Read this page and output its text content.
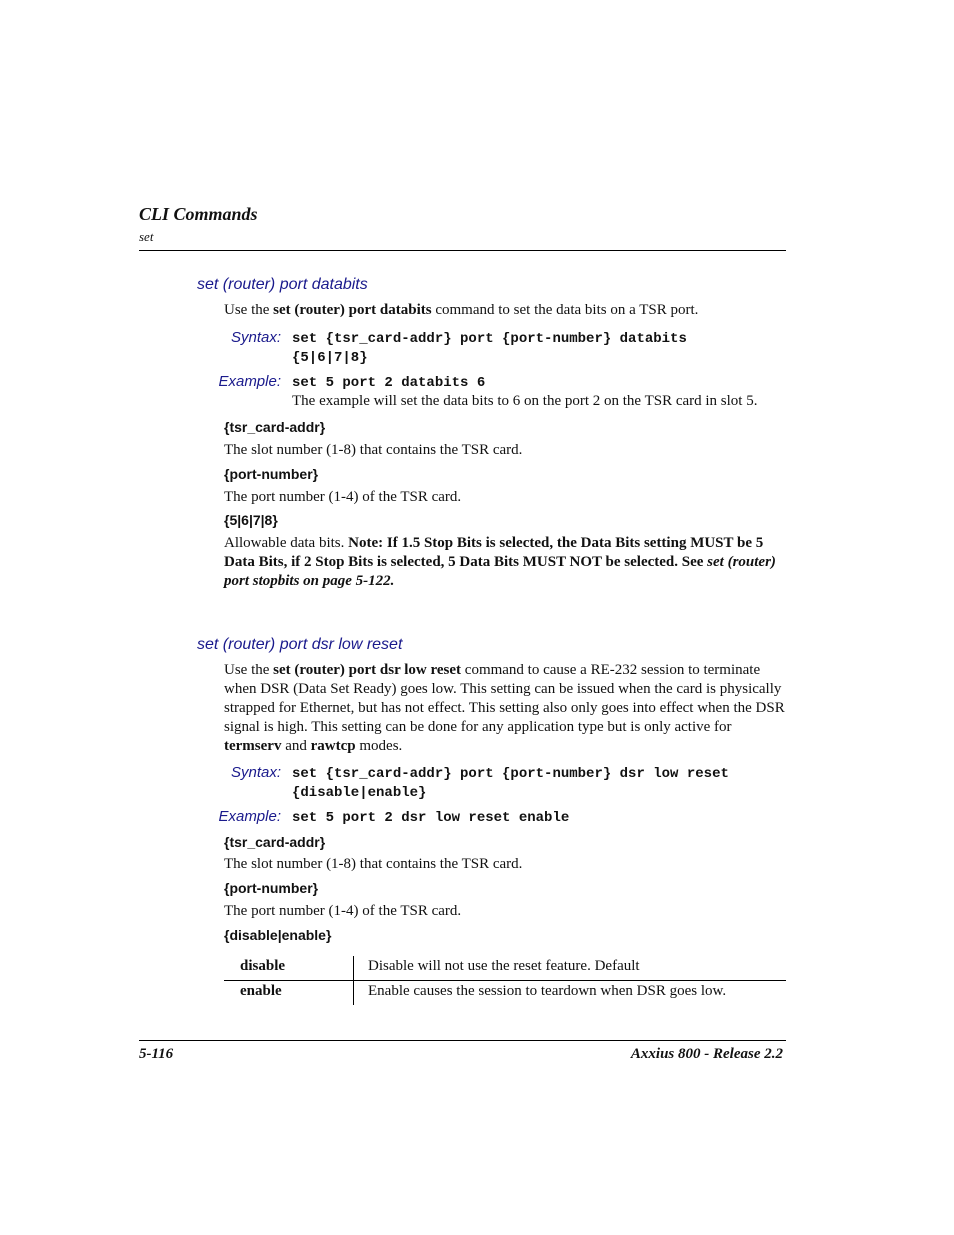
CLI Commands
set
set (router) port databits
Use the set (router) port databits command to set the data bits on a TSR port.
Syntax: set {tsr_card-addr} port {port-number} databits
{5|6|7|8}
Example: set 5 port 2 databits 6
The example will set the data bits to 6 on the port 2 on the TSR card in slot 5.
{tsr_card-addr}
The slot number (1-8) that contains the TSR card.
{port-number}
The port number (1-4) of the TSR card.
{5|6|7|8}
Allowable data bits. Note: If 1.5 Stop Bits is selected, the Data Bits setting MUST be 5 Data Bits, if 2 Stop Bits is selected, 5 Data Bits MUST NOT be selected. See set (router) port stopbits on page 5-122.
set (router) port dsr low reset
Use the set (router) port dsr low reset command to cause a RE-232 session to terminate when DSR (Data Set Ready) goes low. This setting can be issued when the card is physically strapped for Ethernet, but has not effect. This setting also only goes into effect when the DSR signal is high. This setting can be done for any application type but is only active for termserv and rawtcp modes.
Syntax: set {tsr_card-addr} port {port-number} dsr low reset
{disable|enable}
Example: set 5 port 2 dsr low reset enable
{tsr_card-addr}
The slot number (1-8) that contains the TSR card.
{port-number}
The port number (1-4) of the TSR card.
{disable|enable}
disable	Disable will not use the reset feature. Default
enable	Enable causes the session to teardown when DSR goes low.
5-116	Axxius 800 - Release 2.2
